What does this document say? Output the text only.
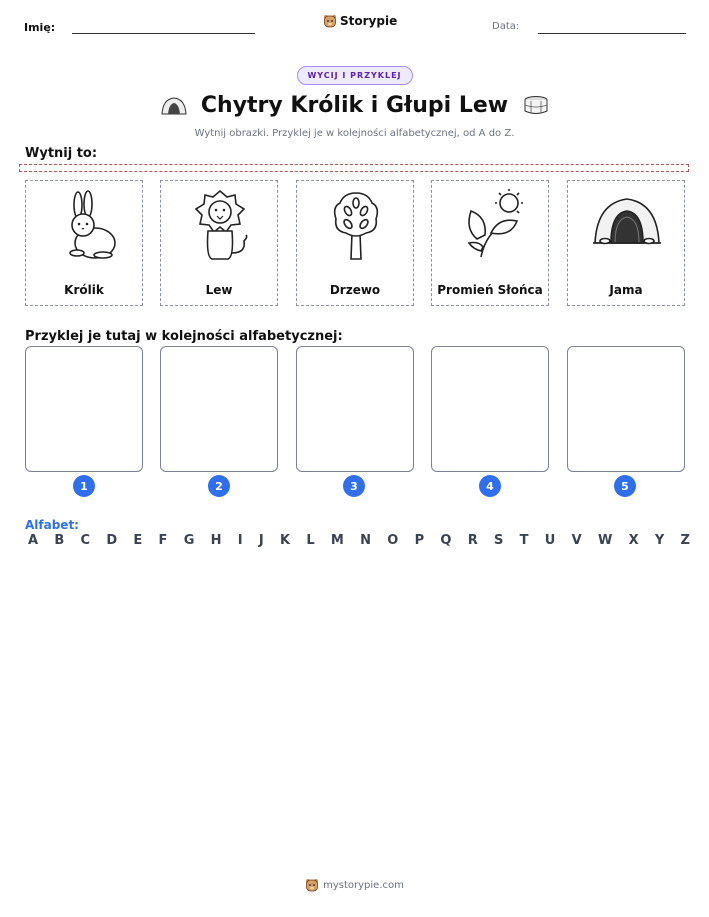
Imię:	Storypie	Data:
WYCIJ I PRZYKLEJ
Chytry Królik i Głupi Lew
Wytnij obrazki. Przyklej je w kolejności alfabetycznej, od A do Z.
Wytnij to:
Królik	Lew	Drzewo	Promień Słońca	Jama
Przyklej je tutaj w kolejności alfabetycznej:
1	2	3	4	5
Alfabet:
A B C D E F G H I J K L M N O P Q R S T U V W X Y Z
mystorypie.com
